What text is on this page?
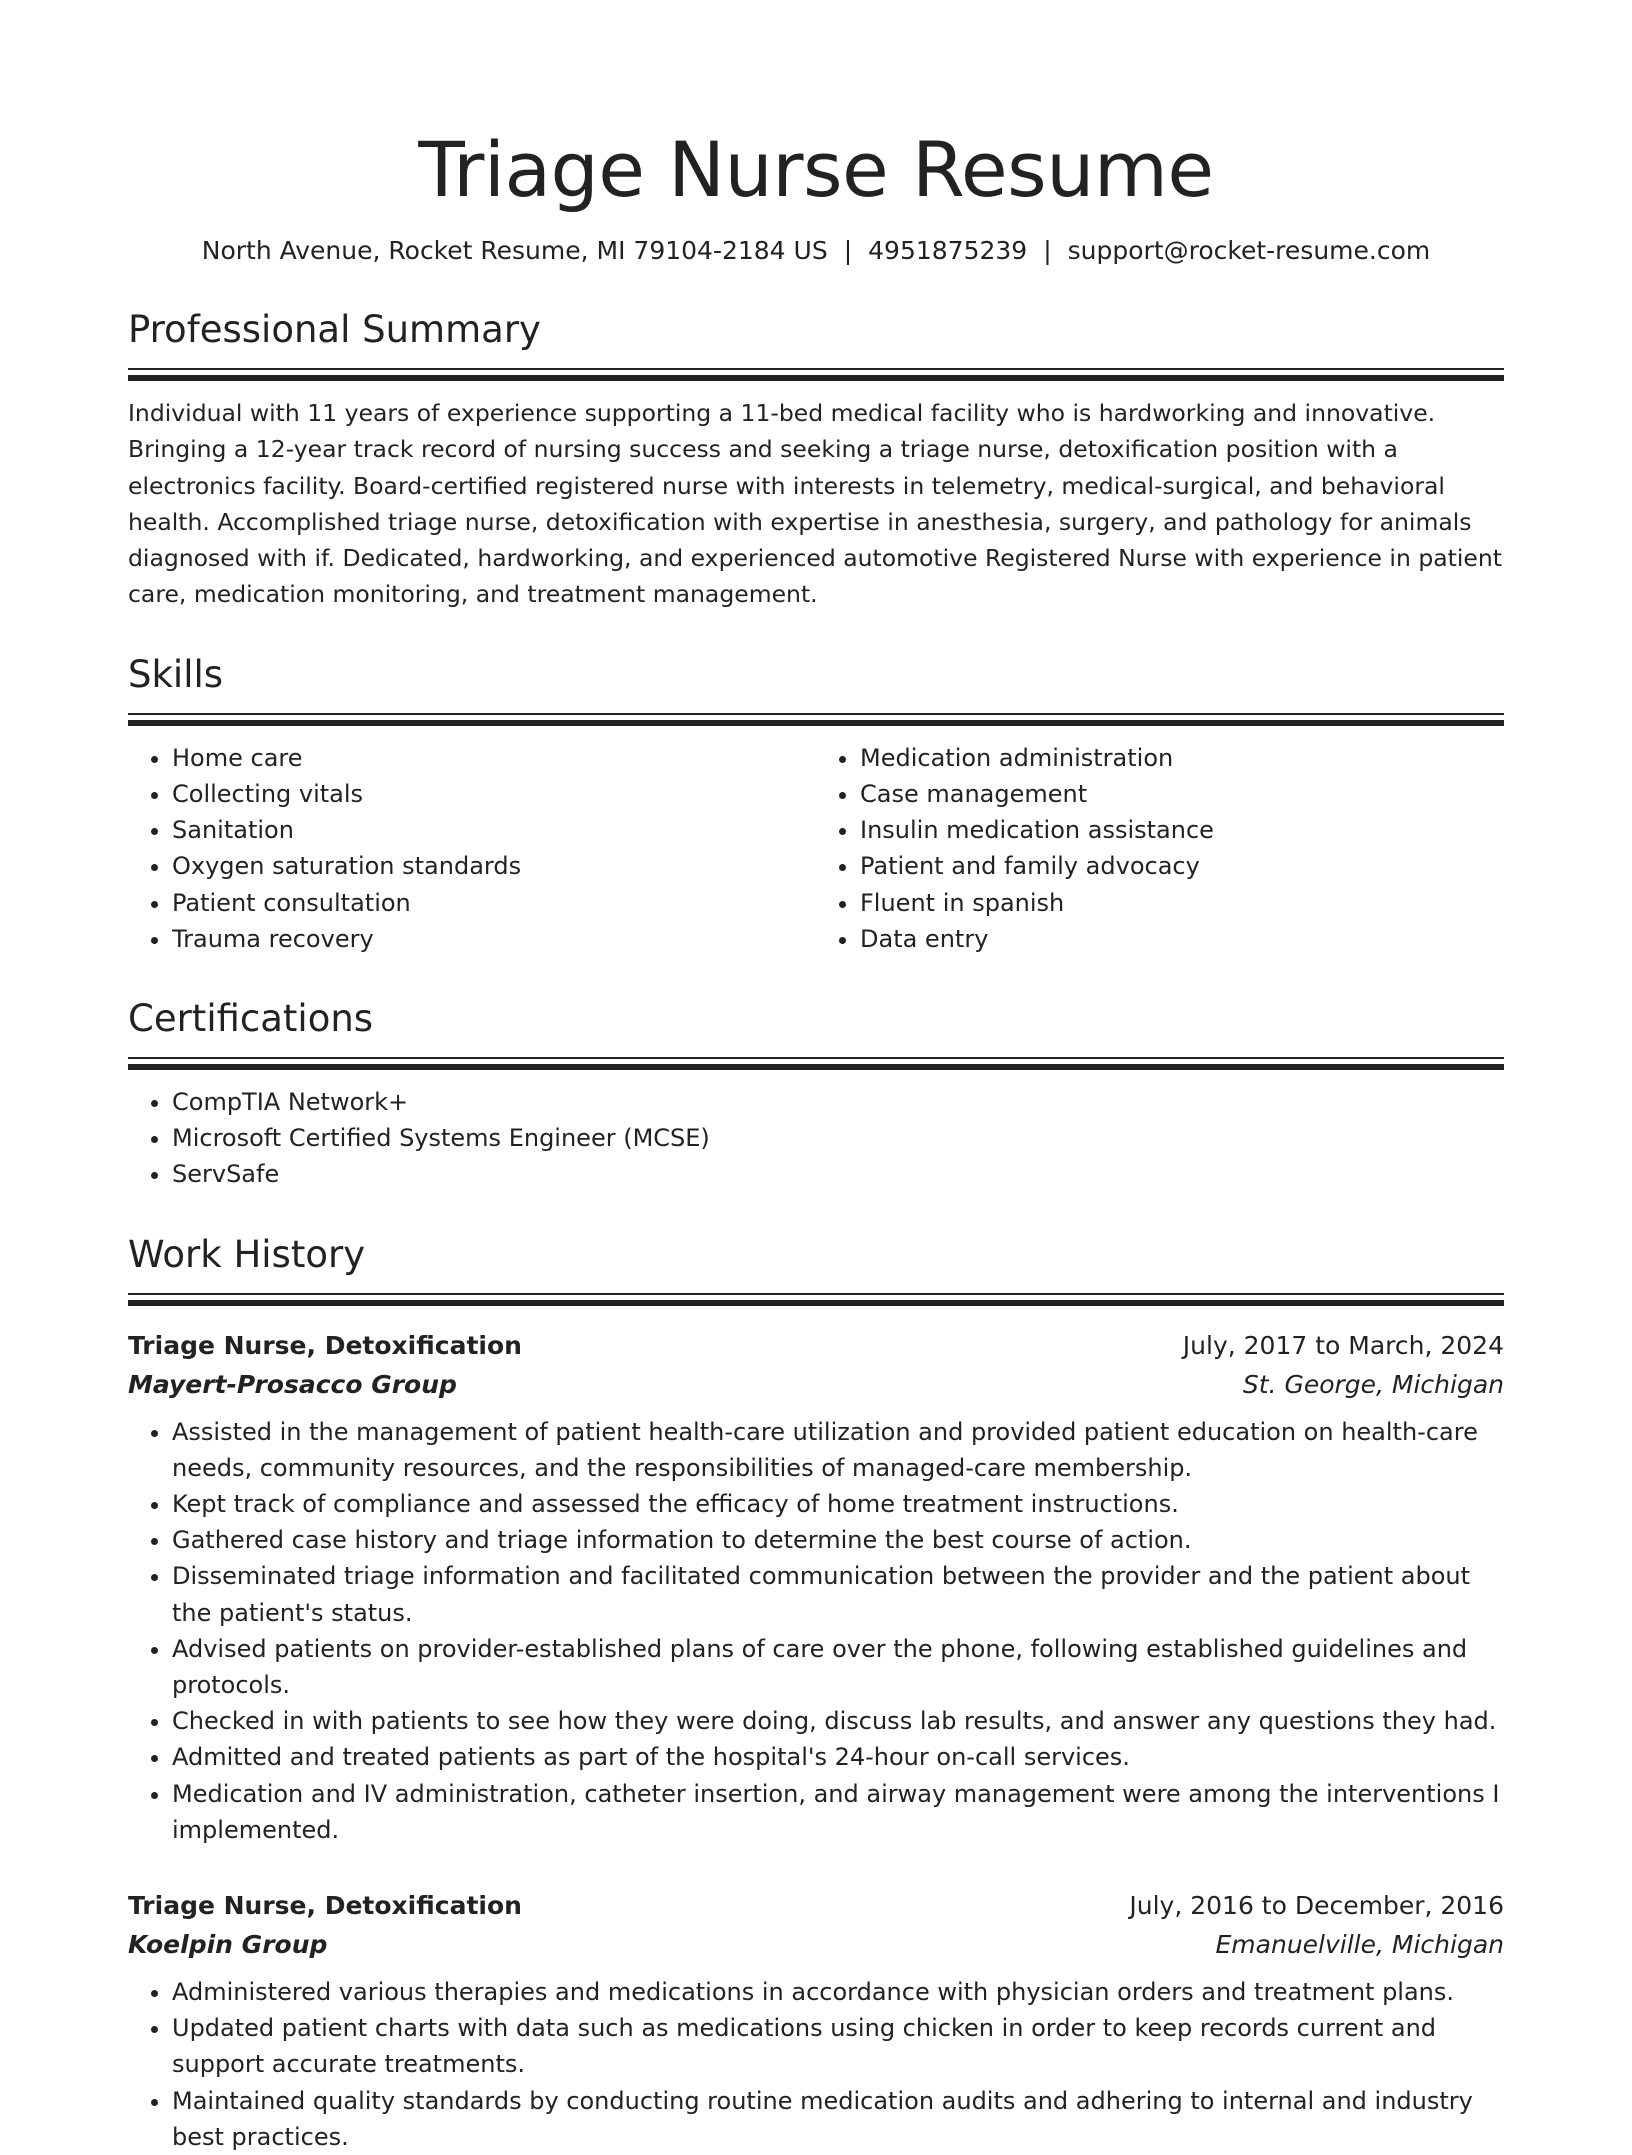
Triage Nurse Resume
North Avenue, Rocket Resume, MI 79104-2184 US | 4951875239 | support@rocket-resume.com
Professional Summary

Individual with 11 years of experience supporting a 11-bed medical facility who is hardworking and innovative. Bringing a 12-year track record of nursing success and seeking a triage nurse, detoxification position with a electronics facility. Board-certified registered nurse with interests in telemetry, medical-surgical, and behavioral health. Accomplished triage nurse, detoxification with expertise in anesthesia, surgery, and pathology for animals diagnosed with if. Dedicated, hardworking, and experienced automotive Registered Nurse with experience in patient care, medication monitoring, and treatment management.

Skills
• Home care
• Collecting vitals
• Sanitation
• Oxygen saturation standards
• Patient consultation
• Trauma recovery
• Medication administration
• Case management
• Insulin medication assistance
• Patient and family advocacy
• Fluent in spanish
• Data entry
Certifications
• CompTIA Network+
• Microsoft Certified Systems Engineer (MCSE)
• ServSafe
Work History
Triage Nurse, Detoxification	July, 2017 to March, 2024
Mayert-Prosacco Group	St. George, Michigan
• Assisted in the management of patient health-care utilization and provided patient education on health-care needs, community resources, and the responsibilities of managed-care membership.
• Kept track of compliance and assessed the efficacy of home treatment instructions.
• Gathered case history and triage information to determine the best course of action.
• Disseminated triage information and facilitated communication between the provider and the patient about the patient's status.
• Advised patients on provider-established plans of care over the phone, following established guidelines and protocols.
• Checked in with patients to see how they were doing, discuss lab results, and answer any questions they had.
• Admitted and treated patients as part of the hospital's 24-hour on-call services.
• Medication and IV administration, catheter insertion, and airway management were among the interventions I implemented.
Triage Nurse, Detoxification	July, 2016 to December, 2016
Koelpin Group	Emanuelville, Michigan
• Administered various therapies and medications in accordance with physician orders and treatment plans.
• Updated patient charts with data such as medications using chicken in order to keep records current and support accurate treatments.
• Maintained quality standards by conducting routine medication audits and adhering to internal and industry best practices.
